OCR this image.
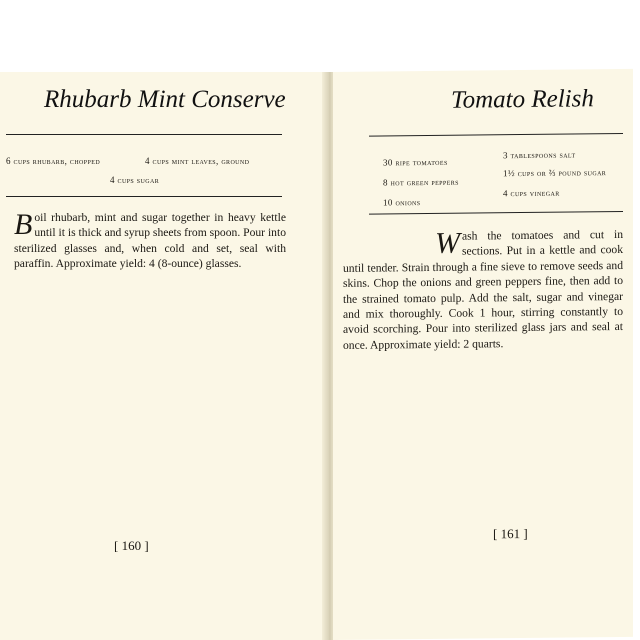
Rhubarb Mint Conserve
6 cups rhubarb, chopped	4 cups mint leaves, ground
4 cups sugar
Boil rhubarb, mint and sugar together in heavy kettle until it is thick and syrup sheets from spoon. Pour into sterilized glasses and, when cold and set, seal with paraffin. Approximate yield: 4 (8-ounce) glasses.
[ 160 ]
Tomato Relish
30 ripe tomatoes
8 hot green peppers
10 onions
3 tablespoons salt
1½ cups or ⅔ pound sugar
4 cups vinegar
Wash the tomatoes and cut in sections. Put in a kettle and cook until tender. Strain through a fine sieve to remove seeds and skins. Chop the onions and green peppers fine, then add to the strained tomato pulp. Add the salt, sugar and vinegar and mix thoroughly. Cook 1 hour, stirring constantly to avoid scorching. Pour into sterilized glass jars and seal at once. Approximate yield: 2 quarts.
[ 161 ]
